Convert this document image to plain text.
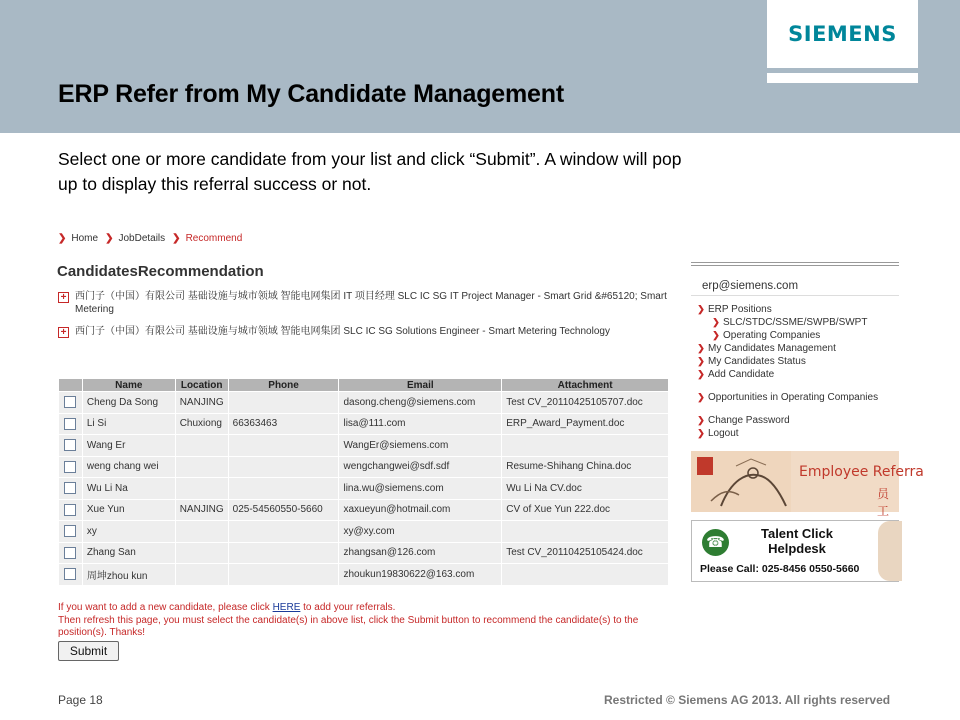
SIEMENS
ERP Refer from My Candidate Management
Select one or more candidate from your list and click “Submit”. A window will pop up to display this referral success or not.
❯ Home ❯ JobDetails ❯ Recommend
CandidatesRecommendation
+ 西门子（中国）有限公司 基础设施与城市领域 智能电网集团 IT 项目经理 SLC IC SG IT Project Manager - Smart Grid &#65120; Smart Metering
+ 西门子（中国）有限公司 基础设施与城市领域 智能电网集团 SLC IC SG Solutions Engineer - Smart Metering Technology
	Name	Location	Phone	Email	Attachment
	Cheng Da Song	NANJING		dasong.cheng@siemens.com	Test CV_20110425105707.doc
	Li Si	Chuxiong	66363463	lisa@111.com	ERP_Award_Payment.doc
	Wang Er			WangEr@siemens.com	
	weng chang wei			wengchangwei@sdf.sdf	Resume-Shihang China.doc
	Wu Li Na			lina.wu@siemens.com	Wu Li Na CV.doc
	Xue Yun	NANJING	025-54560550-5660	xaxueyun@hotmail.com	CV of Xue Yun 222.doc
	xy			xy@xy.com	
	Zhang San			zhangsan@126.com	Test CV_20110425105424.doc
	周坤zhou kun			zhoukun19830622@163.com	
If you want to add a new candidate, please click HERE to add your referrals.
Then refresh this page, you must select the candidate(s) in above list, click the Submit button to recommend the candidate(s) to the position(s). Thanks!
Submit
erp@siemens.com
❯ ERP Positions
❯ SLC/STDC/SSME/SWPB/SWPT
❯ Operating Companies
❯ My Candidates Management
❯ My Candidates Status
❯ Add Candidate
❯ Opportunities in Operating Companies
❯ Change Password
❯ Logout
Employee Referra
员工
☎
Talent Click Helpdesk
Please Call: 025-8456 0550-5660
Page 18	Restricted © Siemens AG 2013. All rights reserved
